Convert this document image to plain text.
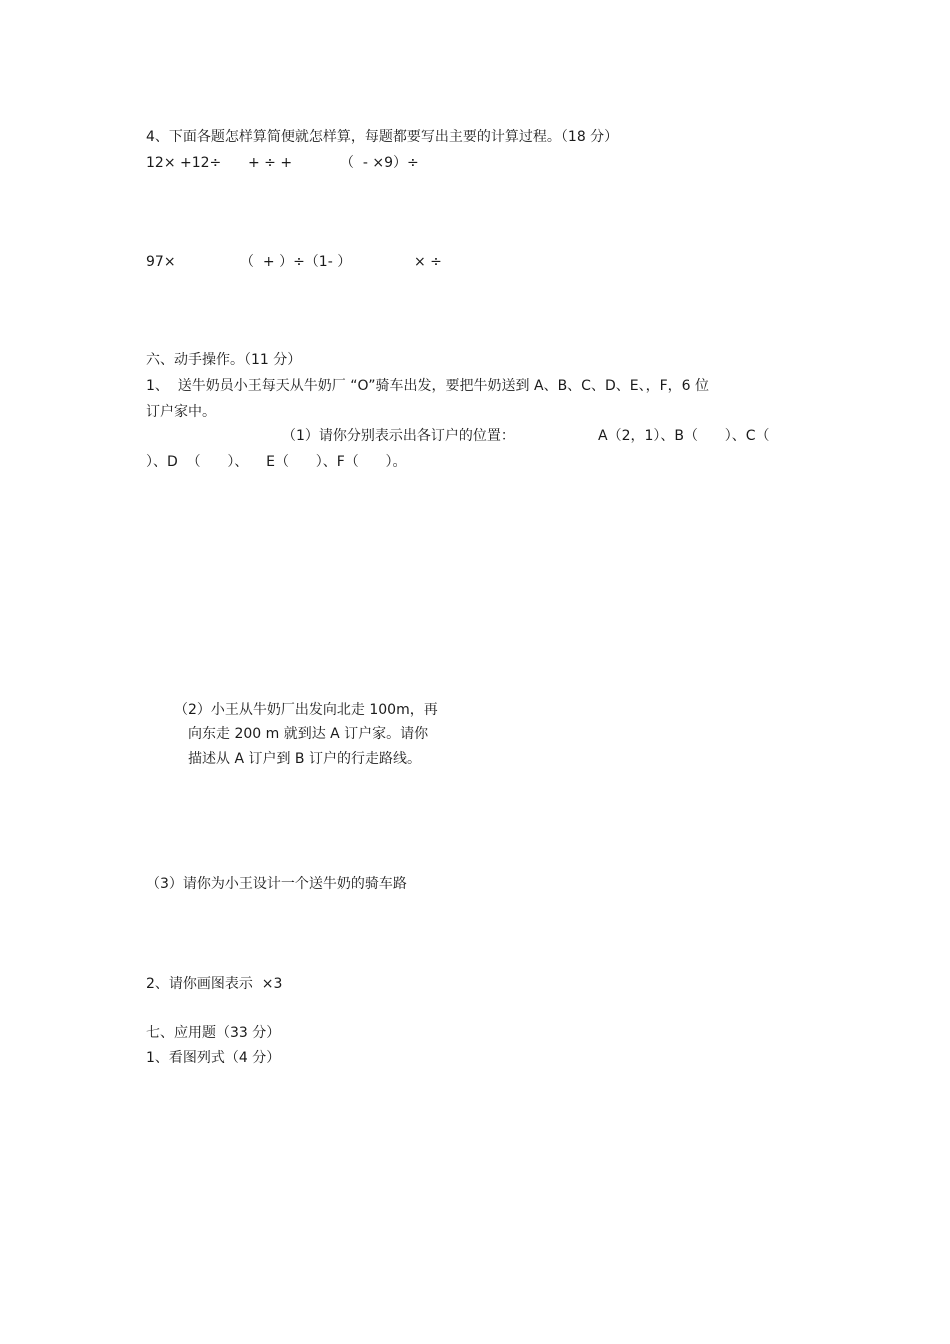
4、下面各题怎样算简便就怎样算，每题都要写出主要的计算过程。（18 分）
12× +12÷ + ÷ +	（  - ×9）÷
97×	（  + ）÷（1- ）	× ÷
六、动手操作。（11 分）
1、  送牛奶员小王每天从牛奶厂 “O”骑车出发，要把牛奶送到 A、B、C、D、E、，F，6 位
订户家中。
（1）请你分别表示出各订户的位置：	A（2，1）、B（      ）、C（
）、D  （      ）、    E（      ）、F（      ）。
（2）小王从牛奶厂出发向北走 100m，再
向东走 200 m 就到达 A 订户家。请你
描述从 A 订户到 B 订户的行走路线。
（3）请你为小王设计一个送牛奶的骑车路
2、请你画图表示  ×3
七、应用题（33 分）
1、看图列式（4 分）
